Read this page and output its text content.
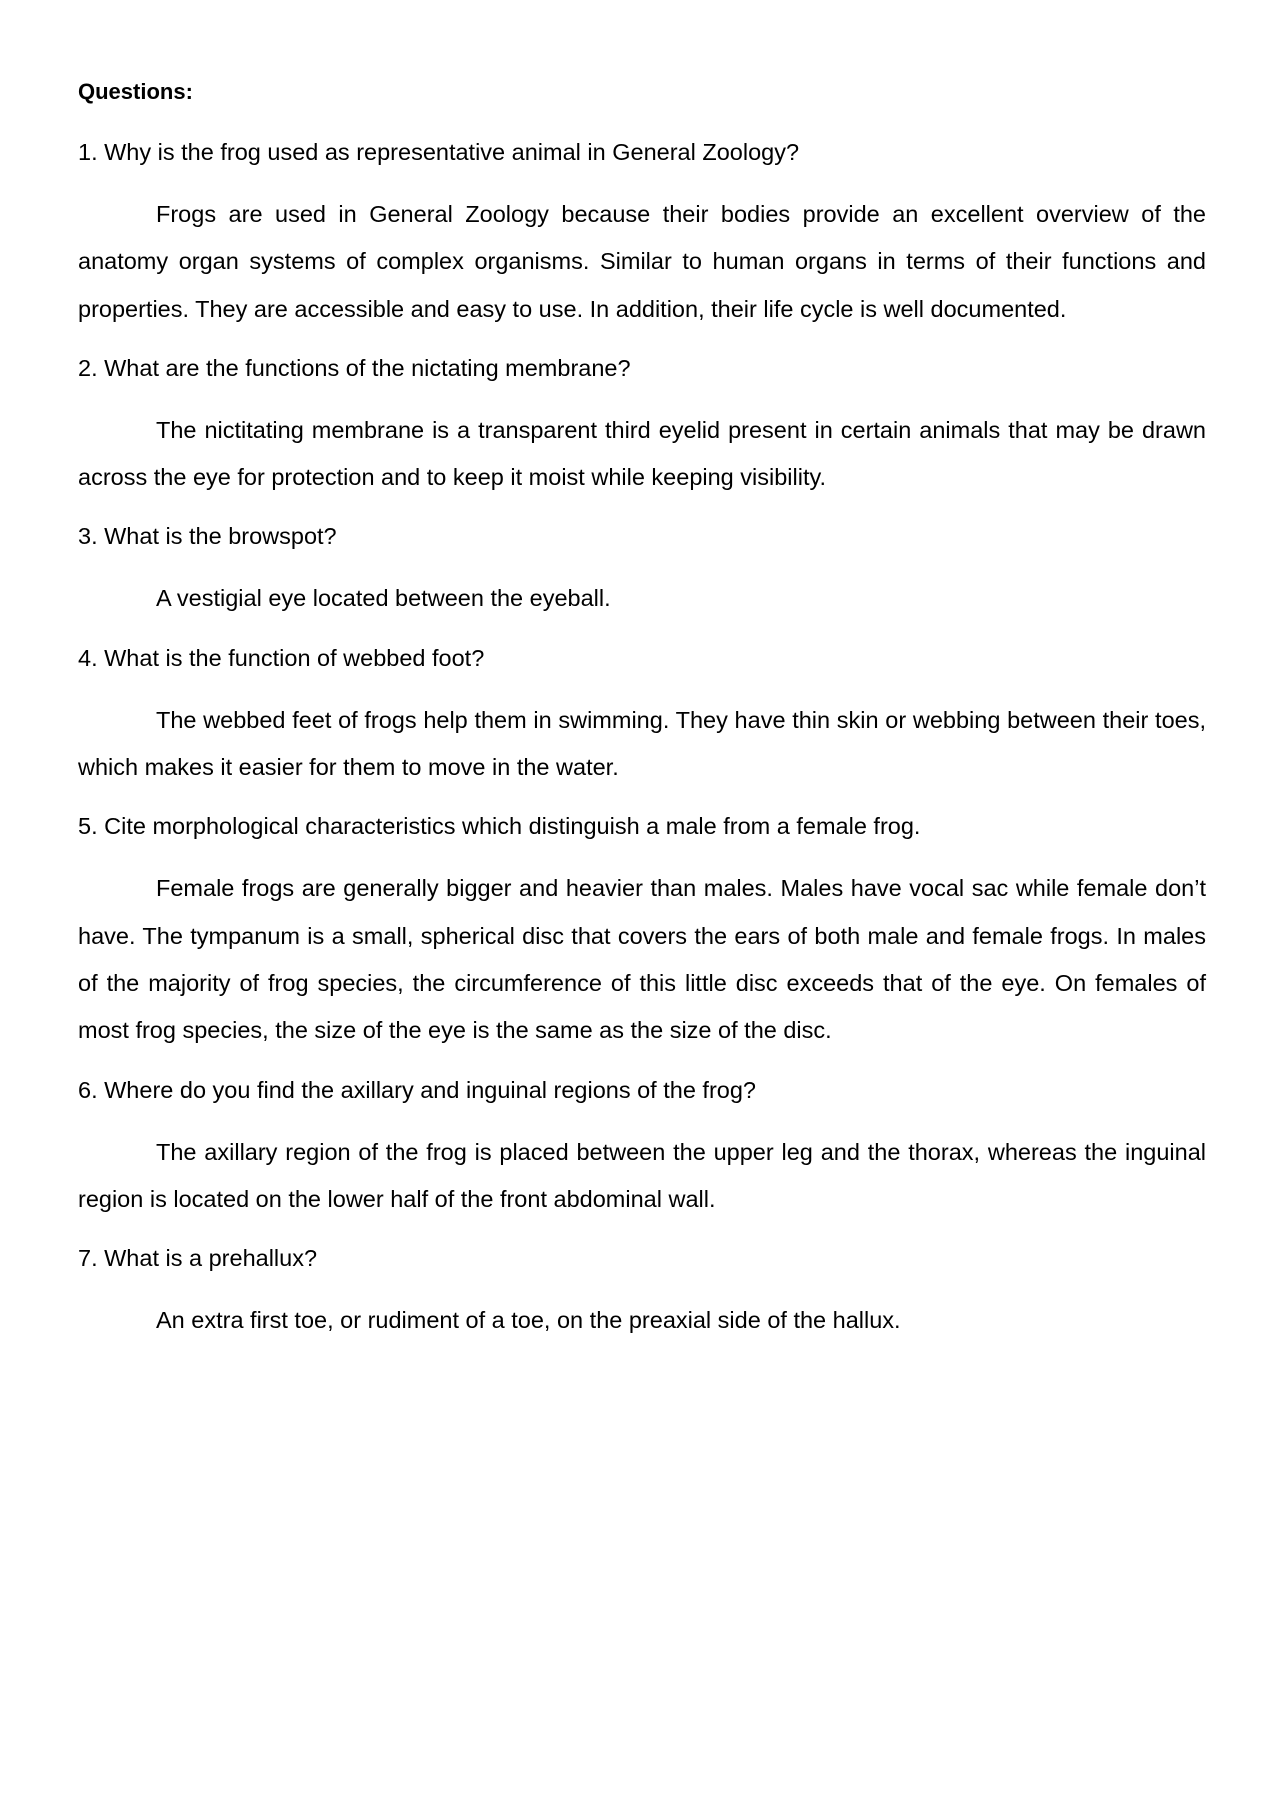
Questions:
1. Why is the frog used as representative animal in General Zoology?
Frogs are used in General Zoology because their bodies provide an excellent overview of the anatomy organ systems of complex organisms. Similar to human organs in terms of their functions and properties. They are accessible and easy to use. In addition, their life cycle is well documented.
2. What are the functions of the nictating membrane?
The nictitating membrane is a transparent third eyelid present in certain animals that may be drawn across the eye for protection and to keep it moist while keeping visibility.
3. What is the browspot?
A vestigial eye located between the eyeball.
4. What is the function of webbed foot?
The webbed feet of frogs help them in swimming. They have thin skin or webbing between their toes, which makes it easier for them to move in the water.
5. Cite morphological characteristics which distinguish a male from a female frog.
Female frogs are generally bigger and heavier than males. Males have vocal sac while female don’t have. The tympanum is a small, spherical disc that covers the ears of both male and female frogs. In males of the majority of frog species, the circumference of this little disc exceeds that of the eye. On females of most frog species, the size of the eye is the same as the size of the disc.
6. Where do you find the axillary and inguinal regions of the frog?
The axillary region of the frog is placed between the upper leg and the thorax, whereas the inguinal region is located on the lower half of the front abdominal wall.
7. What is a prehallux?
An extra first toe, or rudiment of a toe, on the preaxial side of the hallux.
